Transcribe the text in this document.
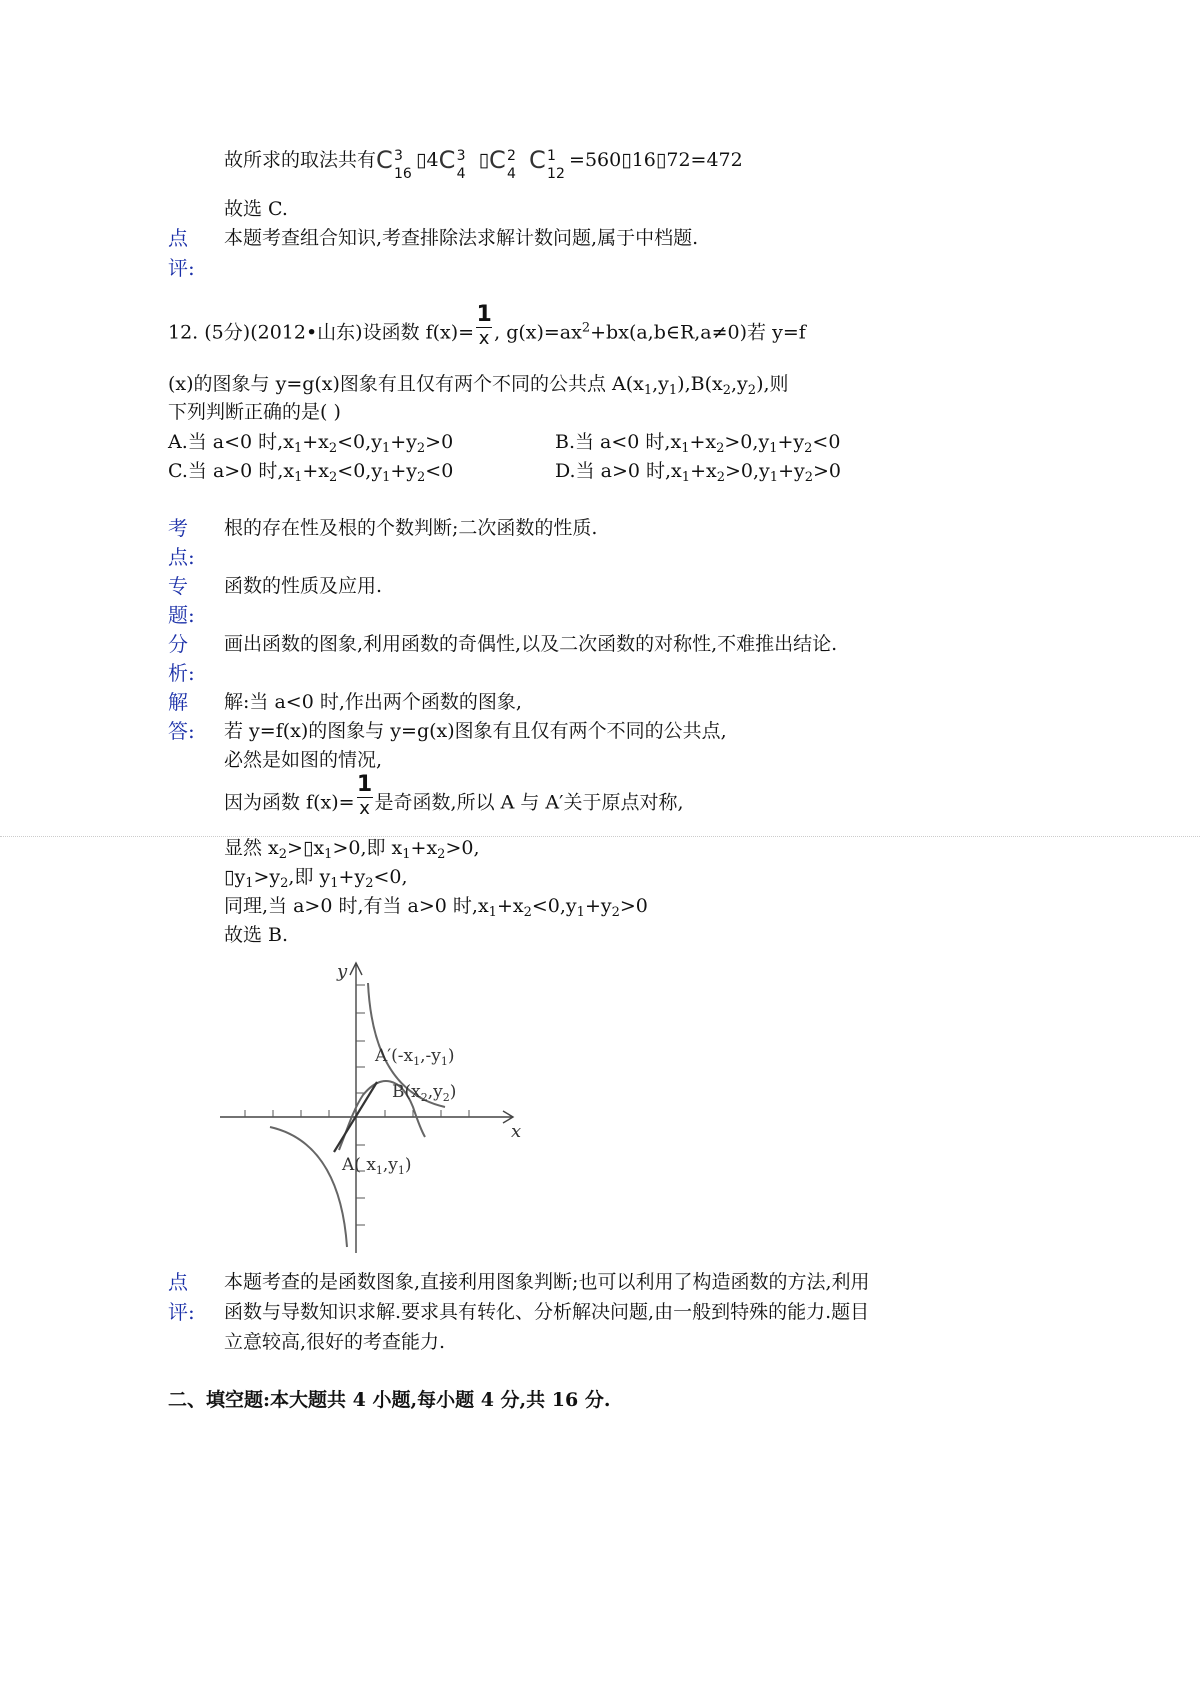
故所求的取法共有 C 3
16
▯4 C 3
4
▯ C 2
4 C 1
12
=560▯16▯72=472
故选 C.
点
评:
本题考查组合知识,考查排除法求解计数问题,属于中档题.
12. (5分)(2012•山东)设函数 $f(x)= \frac{1}{x}$ , $g(x)=ax^2+bx(a,b\in R,a\ne 0)$若 y=f
(x)的图象与 y=g(x)图象有且仅有两个不同的公共点 $A(x_1,y_1),B(x_2,y_2)$,则
下列判断正确的是( )
A.当 a<0 时$,x_1+x_2<0,y_1+y_2>0$	B.当 a<0 时$,x_1+x_2>0,y_1+y_2<0$
C.当 a>0 时$,x_1+x_2<0,y_1+y_2<0$	D.当 a>0 时$,x_1+x_2>0,y_1+y_2>0$
考
点:
根的存在性及根的个数判断;二次函数的性质.
专
题:
函数的性质及应用.
分
析:
画出函数的图象,利用函数的奇偶性,以及二次函数的对称性,不难推出结论.
解
答:
解:当 a<0 时,作出两个函数的图象,
若 y=f(x)的图象与 y=g(x)图象有且仅有两个不同的公共点,
必然是如图的情况,
因为函数 $f(x)= \frac{1}{x}$ 是奇函数,所以 A 与 A′关于原点对称,
显然 $x_2>▯x_1>0$,即 $x_1+x_2>0$,
$▯y_1>y_2$,即 $y_1+y_2<0$,
同理,当 a>0 时,有当 a>0 时$,x_1+x_2<0,y_1+y_2>0$
故选 B.
y
x
$A'(-x_1,-y_1)$
$B(x_2,y_2)$
A( $x_1,y_1$)
点
评:
本题考查的是函数图象,直接利用图象判断;也可以利用了构造函数的方法,利用
函数与导数知识求解.要求具有转化、分析解决问题,由一般到特殊的能力.题目
立意较高,很好的考查能力.
二、填空题:本大题共 4 小题,每小题 4 分,共 16 分.
